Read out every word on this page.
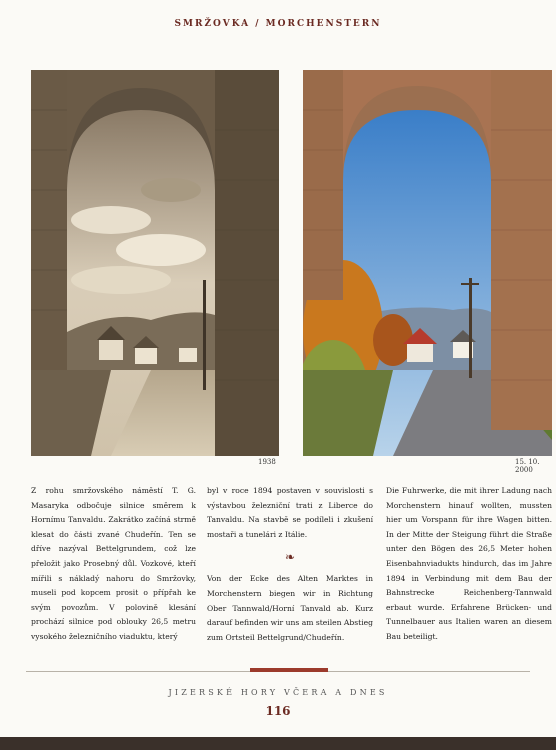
SMRŽOVKA / MORCHENSTERN
1938	15. 10. 2000

Z rohu smržovského náměstí T. G. Masaryka odbočuje silnice směrem k Hornímu Tanvaldu. Zakrátko začíná strmě klesat do části zvané Chudeřín. Ten se dříve nazýval Bettelgrundem, což lze přeložit jako Prosebný důl. Vozkové, kteří mířili s nákladý nahoru do Smržovky, museli pod kopcem prosit o přípřah ke svým povozům. V polovině klesání prochází silnice pod oblouky 26,5 metru vysokého železničního viaduktu, který

byl v roce 1894 postaven v souvislosti s výstavbou železniční trati z Liberce do Tanvaldu. Na stavbě se podíleli i zkušení mostaři a tunelári z Itálie.

❧

Von der Ecke des Alten Marktes in Morchenstern biegen wir in Richtung Ober Tannwald/Horní Tanvald ab. Kurz darauf befinden wir uns am steilen Abstieg zum Ortsteil Bettelgrund/Chudeřín.

Die Fuhrwerke, die mit ihrer Ladung nach Morchenstern hinauf wollten, mussten hier um Vorspann für ihre Wagen bitten. In der Mitte der Steigung führt die Straße unter den Bögen des 26,5 Meter hohen Eisenbahnviadukts hindurch, das im Jahre 1894 in Verbindung mit dem Bau der Bahnstrecke Reichenberg-Tannwald erbaut wurde. Erfahrene Brücken- und Tunnelbauer aus Italien waren an diesem Bau beteiligt.

JIZERSKÉ HORY VČERA A DNES
116
